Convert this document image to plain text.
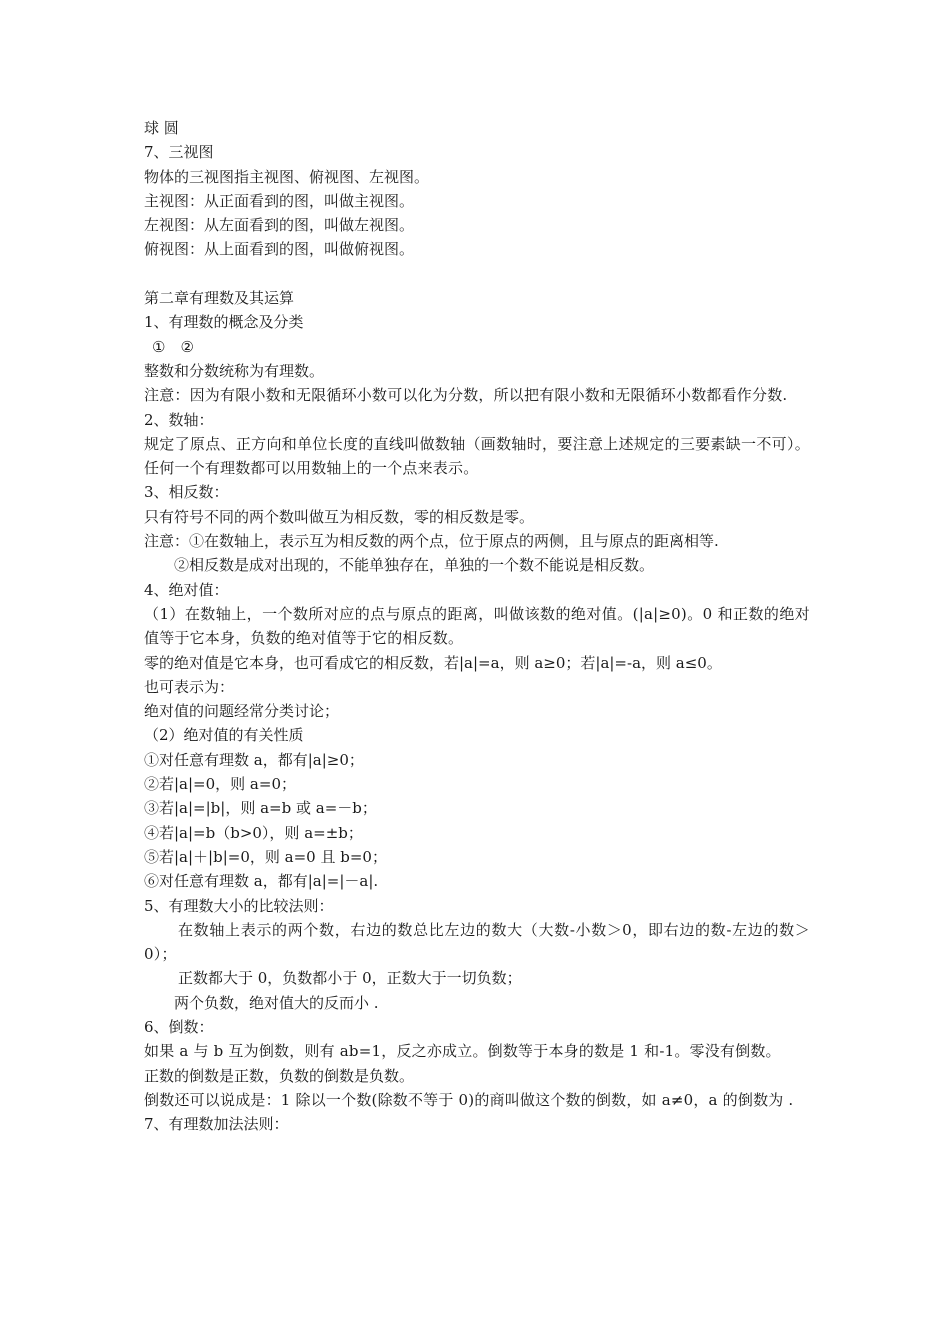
球 圆
7、三视图
物体的三视图指主视图、俯视图、左视图。
主视图：从正面看到的图，叫做主视图。
左视图：从左面看到的图，叫做左视图。
俯视图：从上面看到的图，叫做俯视图。
第二章有理数及其运算
1、有理数的概念及分类
①　②
整数和分数统称为有理数。
注意：因为有限小数和无限循环小数可以化为分数，所以把有限小数和无限循环小数都看作分数.
2、数轴：
规定了原点、正方向和单位长度的直线叫做数轴（画数轴时，要注意上述规定的三要素缺一不可）。任何一个有理数都可以用数轴上的一个点来表示。
3、相反数：
只有符号不同的两个数叫做互为相反数，零的相反数是零。
注意：①在数轴上，表示互为相反数的两个点，位于原点的两侧，且与原点的距离相等.
②相反数是成对出现的，不能单独存在，单独的一个数不能说是相反数。
4、绝对值：
（1）在数轴上，一个数所对应的点与原点的距离，叫做该数的绝对值。(|a|≥0)。0 和正数的绝对值等于它本身，负数的绝对值等于它的相反数。
零的绝对值是它本身，也可看成它的相反数，若|a|=a，则 a≥0；若|a|=-a，则 a≤0。
也可表示为：
绝对值的问题经常分类讨论；
（2）绝对值的有关性质
①对任意有理数 a，都有|a|≥0；
②若|a|=0，则 a=0；
③若|a|=|b|，则 a=b 或 a=－b；
④若|a|=b（b>0），则 a=±b；
⑤若|a|＋|b|=0，则 a=0 且 b=0；
⑥对任意有理数 a，都有|a|=|－a|.
5、有理数大小的比较法则：
在数轴上表示的两个数，右边的数总比左边的数大（大数-小数＞0，即右边的数-左边的数＞0）；
正数都大于 0，负数都小于 0，正数大于一切负数；
两个负数，绝对值大的反而小 .
6、倒数：
如果 a 与 b 互为倒数，则有 ab=1，反之亦成立。倒数等于本身的数是 1 和-1。零没有倒数。
正数的倒数是正数，负数的倒数是负数。
倒数还可以说成是：1 除以一个数(除数不等于 0)的商叫做这个数的倒数，如 a≠0，a 的倒数为 .
7、有理数加法法则：
